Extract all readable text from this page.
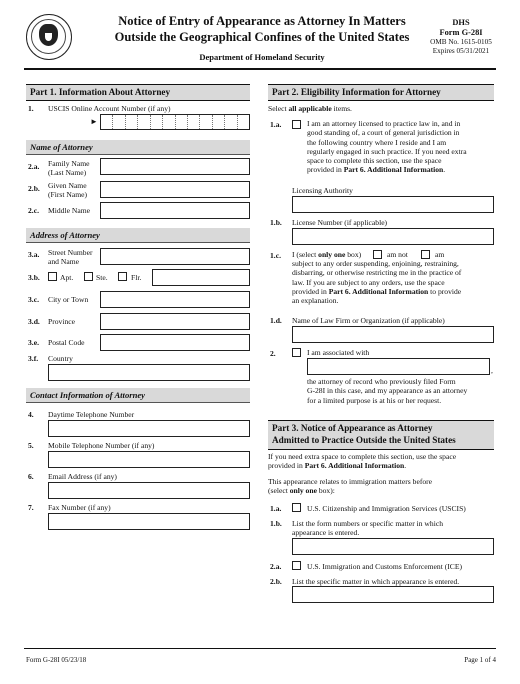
Notice of Entry of Appearance as Attorney In Matters
Outside the Geographical Confines of the United States
Department of Homeland Security
DHS
Form G-28I
OMB No. 1615-0105
Expires 05/31/2021
Part 1. Information About Attorney
1. USCIS Online Account Number (if any)
►
Name of Attorney
2.a. Family Name
(Last Name)
2.b. Given Name
(First Name)
2.c. Middle Name
Address of Attorney
3.a. Street Number
and Name
3.b.	Apt.	Ste.	Flr.
3.c. City or Town
3.d. Province
3.e. Postal Code
3.f. Country
Contact Information of Attorney
4. Daytime Telephone Number
5. Mobile Telephone Number (if any)
6. Email Address (if any)
7. Fax Number (if any)
Part 2. Eligibility Information for Attorney
Select all applicable items.
1.a.	I am an attorney licensed to practice law in, and in
good standing of, a court of general jurisdiction in
the following country where I reside and I am
regularly engaged in such practice. If you need extra
space to complete this section, use the space
provided in Part 6. Additional Information.
Licensing Authority
1.b. License Number (if applicable)
1.c. I (select only one box)	am not	am
subject to any order suspending, enjoining, restraining,
disbarring, or otherwise restricting me in the practice of
law. If you are subject to any orders, use the space
provided in Part 6. Additional Information to provide
an explanation.
1.d. Name of Law Firm or Organization (if applicable)
2.	I am associated with
,
the attorney of record who previously filed Form
G-28I in this case, and my appearance as an attorney
for a limited purpose is at his or her request.
Part 3. Notice of Appearance as Attorney
Admitted to Practice Outside the United States
If you need extra space to complete this section, use the space
provided in Part 6. Additional Information.
This appearance relates to immigration matters before
(select only one box):
1.a.	U.S. Citizenship and Immigration Services (USCIS)
1.b. List the form numbers or specific matter in which
appearance is entered.
2.a.	U.S. Immigration and Customs Enforcement (ICE)
2.b. List the specific matter in which appearance is entered.
Form G-28I 05/23/18	Page 1 of 4
